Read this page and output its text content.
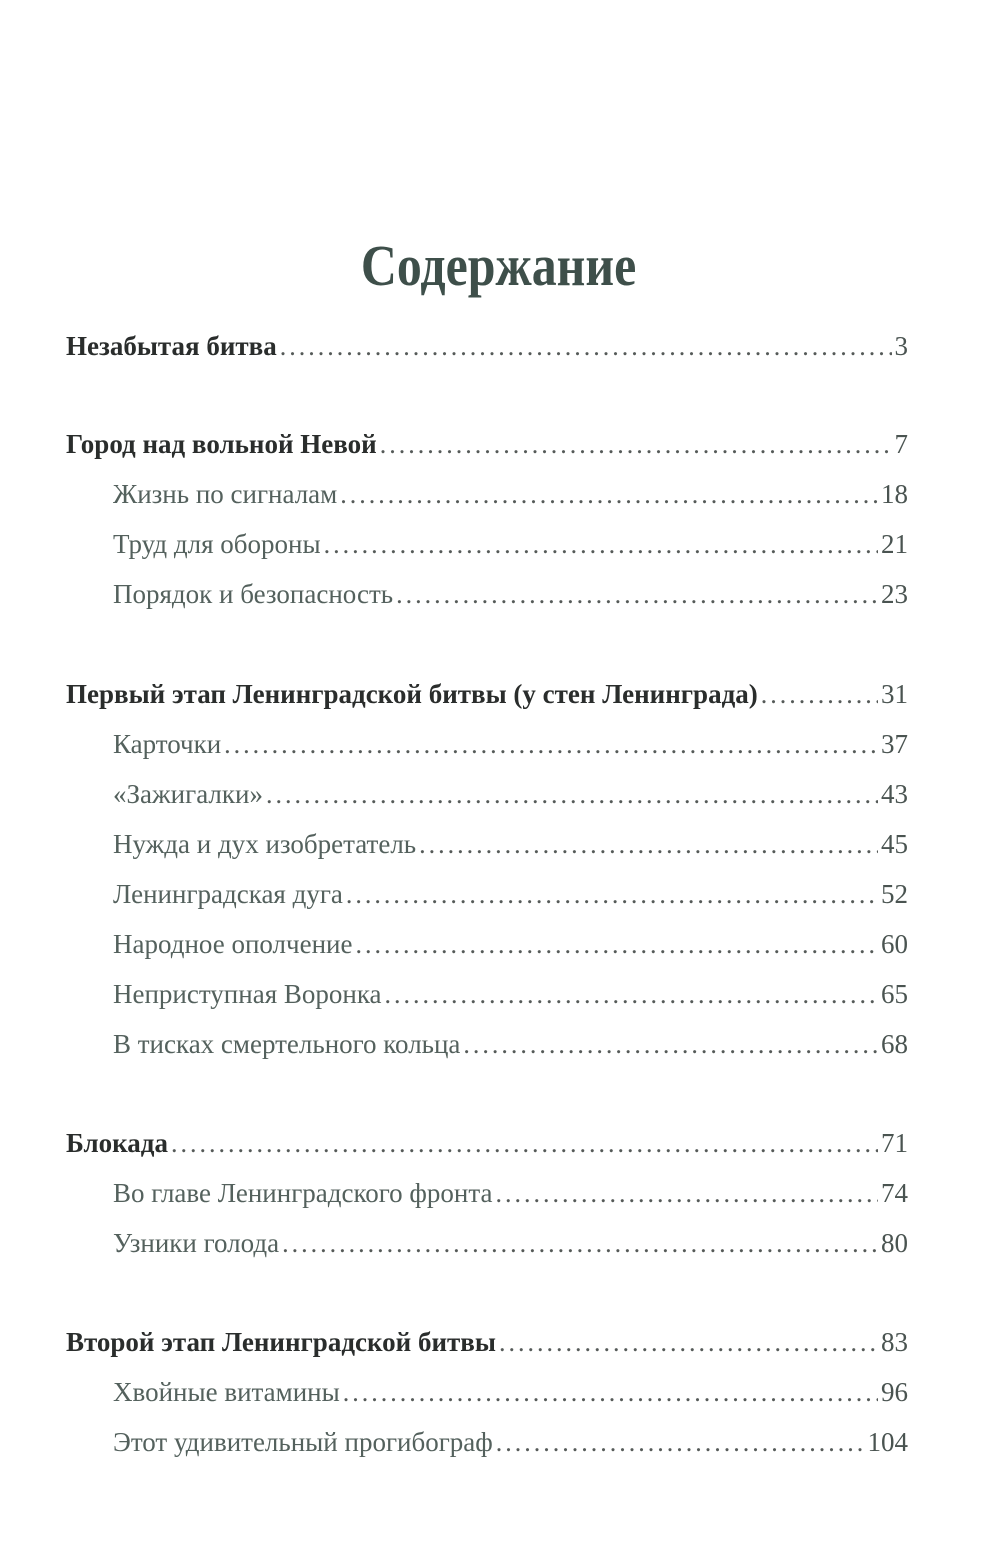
Содержание
Незабытая битва .....	3
Город над вольной Невой .....	7
Жизнь по сигналам .....	18
Труд для обороны .....	21
Порядок и безопасность .....	23
Первый этап Ленинградской битвы (у стен Ленинграда) .....	31
Карточки .....	37
«Зажигалки» .....	43
Нужда и дух изобретатель .....	45
Ленинградская дуга .....	52
Народное ополчение .....	60
Неприступная Воронка .....	65
В тисках смертельного кольца .....	68
Блокада .....	71
Во главе Ленинградского фронта .....	74
Узники голода .....	80
Второй этап Ленинградской битвы .....	83
Хвойные витамины .....	96
Этот удивительный прогибограф .....	104
